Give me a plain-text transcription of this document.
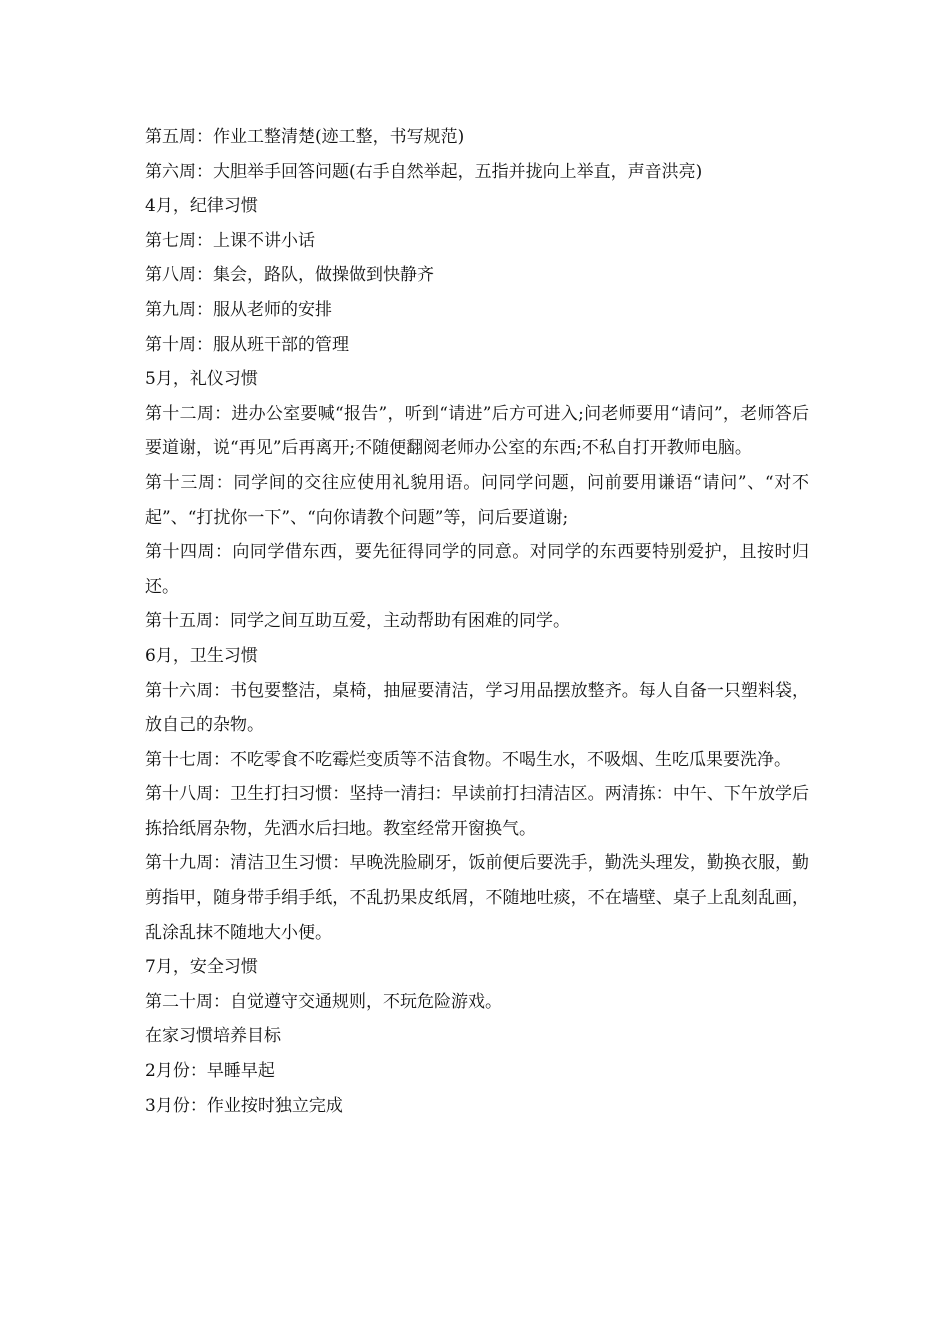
第五周：作业工整清楚(迹工整，书写规范)

第六周：大胆举手回答问题(右手自然举起，五指并拢向上举直，声音洪亮)

4月，纪律习惯

第七周：上课不讲小话

第八周：集会，路队，做操做到快静齐

第九周：服从老师的安排

第十周：服从班干部的管理

5月，礼仪习惯

第十二周：进办公室要喊“报告”，听到“请进”后方可进入;问老师要用“请问”，老师答后要道谢，说“再见”后再离开;不随便翻阅老师办公室的东西;不私自打开教师电脑。

第十三周：同学间的交往应使用礼貌用语。问同学问题，问前要用谦语“请问”、“对不起”、“打扰你一下”、“向你请教个问题”等，问后要道谢;

第十四周：向同学借东西，要先征得同学的同意。对同学的东西要特别爱护，且按时归还。

第十五周：同学之间互助互爱，主动帮助有困难的同学。

6月，卫生习惯

第十六周：书包要整洁，桌椅，抽屉要清洁，学习用品摆放整齐。每人自备一只塑料袋，放自己的杂物。

第十七周：不吃零食不吃霉烂变质等不洁食物。不喝生水，不吸烟、生吃瓜果要洗净。

第十八周：卫生打扫习惯：坚持一清扫：早读前打扫清洁区。两清拣：中午、下午放学后拣拾纸屑杂物，先洒水后扫地。教室经常开窗换气。

第十九周：清洁卫生习惯：早晚洗脸刷牙，饭前便后要洗手，勤洗头理发，勤换衣服，勤剪指甲，随身带手绢手纸，不乱扔果皮纸屑，不随地吐痰，不在墙壁、桌子上乱刻乱画，乱涂乱抹不随地大小便。

7月，安全习惯

第二十周：自觉遵守交通规则，不玩危险游戏。

在家习惯培养目标

2月份：早睡早起

3月份：作业按时独立完成
